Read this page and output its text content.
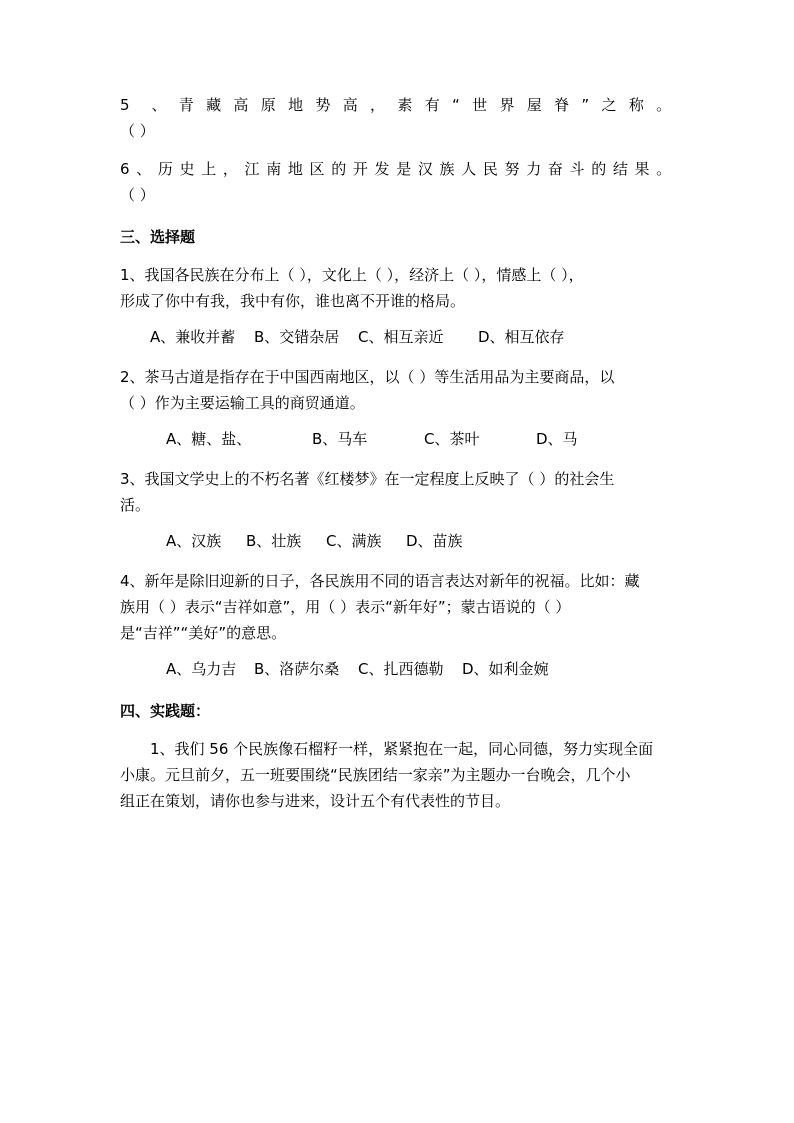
5 、青藏高原地势高，素有“世界屋脊”之称。
（ ）
6、历史上，江南地区的开发是汉族人民努力奋斗的结果。
（ ）
三、选择题

1、我国各民族在分布上（ ），文化上（ ），经济上（ ），情感上（ ），

形成了你中有我，我中有你，谁也离不开谁的格局。

A、兼收并蓄 B、交错杂居 C、相互亲近 D、相互依存

2、茶马古道是指存在于中国西南地区，以（ ）等生活用品为主要商品，以

（ ）作为主要运输工具的商贸通道。

A、糖、盐、	B、马车	C、茶叶	D、马

3、我国文学史上的不朽名著《红楼梦》在一定程度上反映了（ ）的社会生

活。

A、汉族 B、壮族 C、满族 D、苗族

4、新年是除旧迎新的日子，各民族用不同的语言表达对新年的祝福。比如：藏

族用（ ）表示“吉祥如意”，用（ ）表示“新年好”；蒙古语说的（ ）

是“吉祥”“美好”的意思。

A、乌力吉 B、洛萨尔桑 C、扎西德勒 D、如利金婉
四、实践题：

1、我们 56 个民族像石榴籽一样，紧紧抱在一起，同心同德，努力实现全面

小康。元旦前夕，五一班要围绕“民族团结一家亲”为主题办一台晚会，几个小

组正在策划，请你也参与进来，设计五个有代表性的节目。
